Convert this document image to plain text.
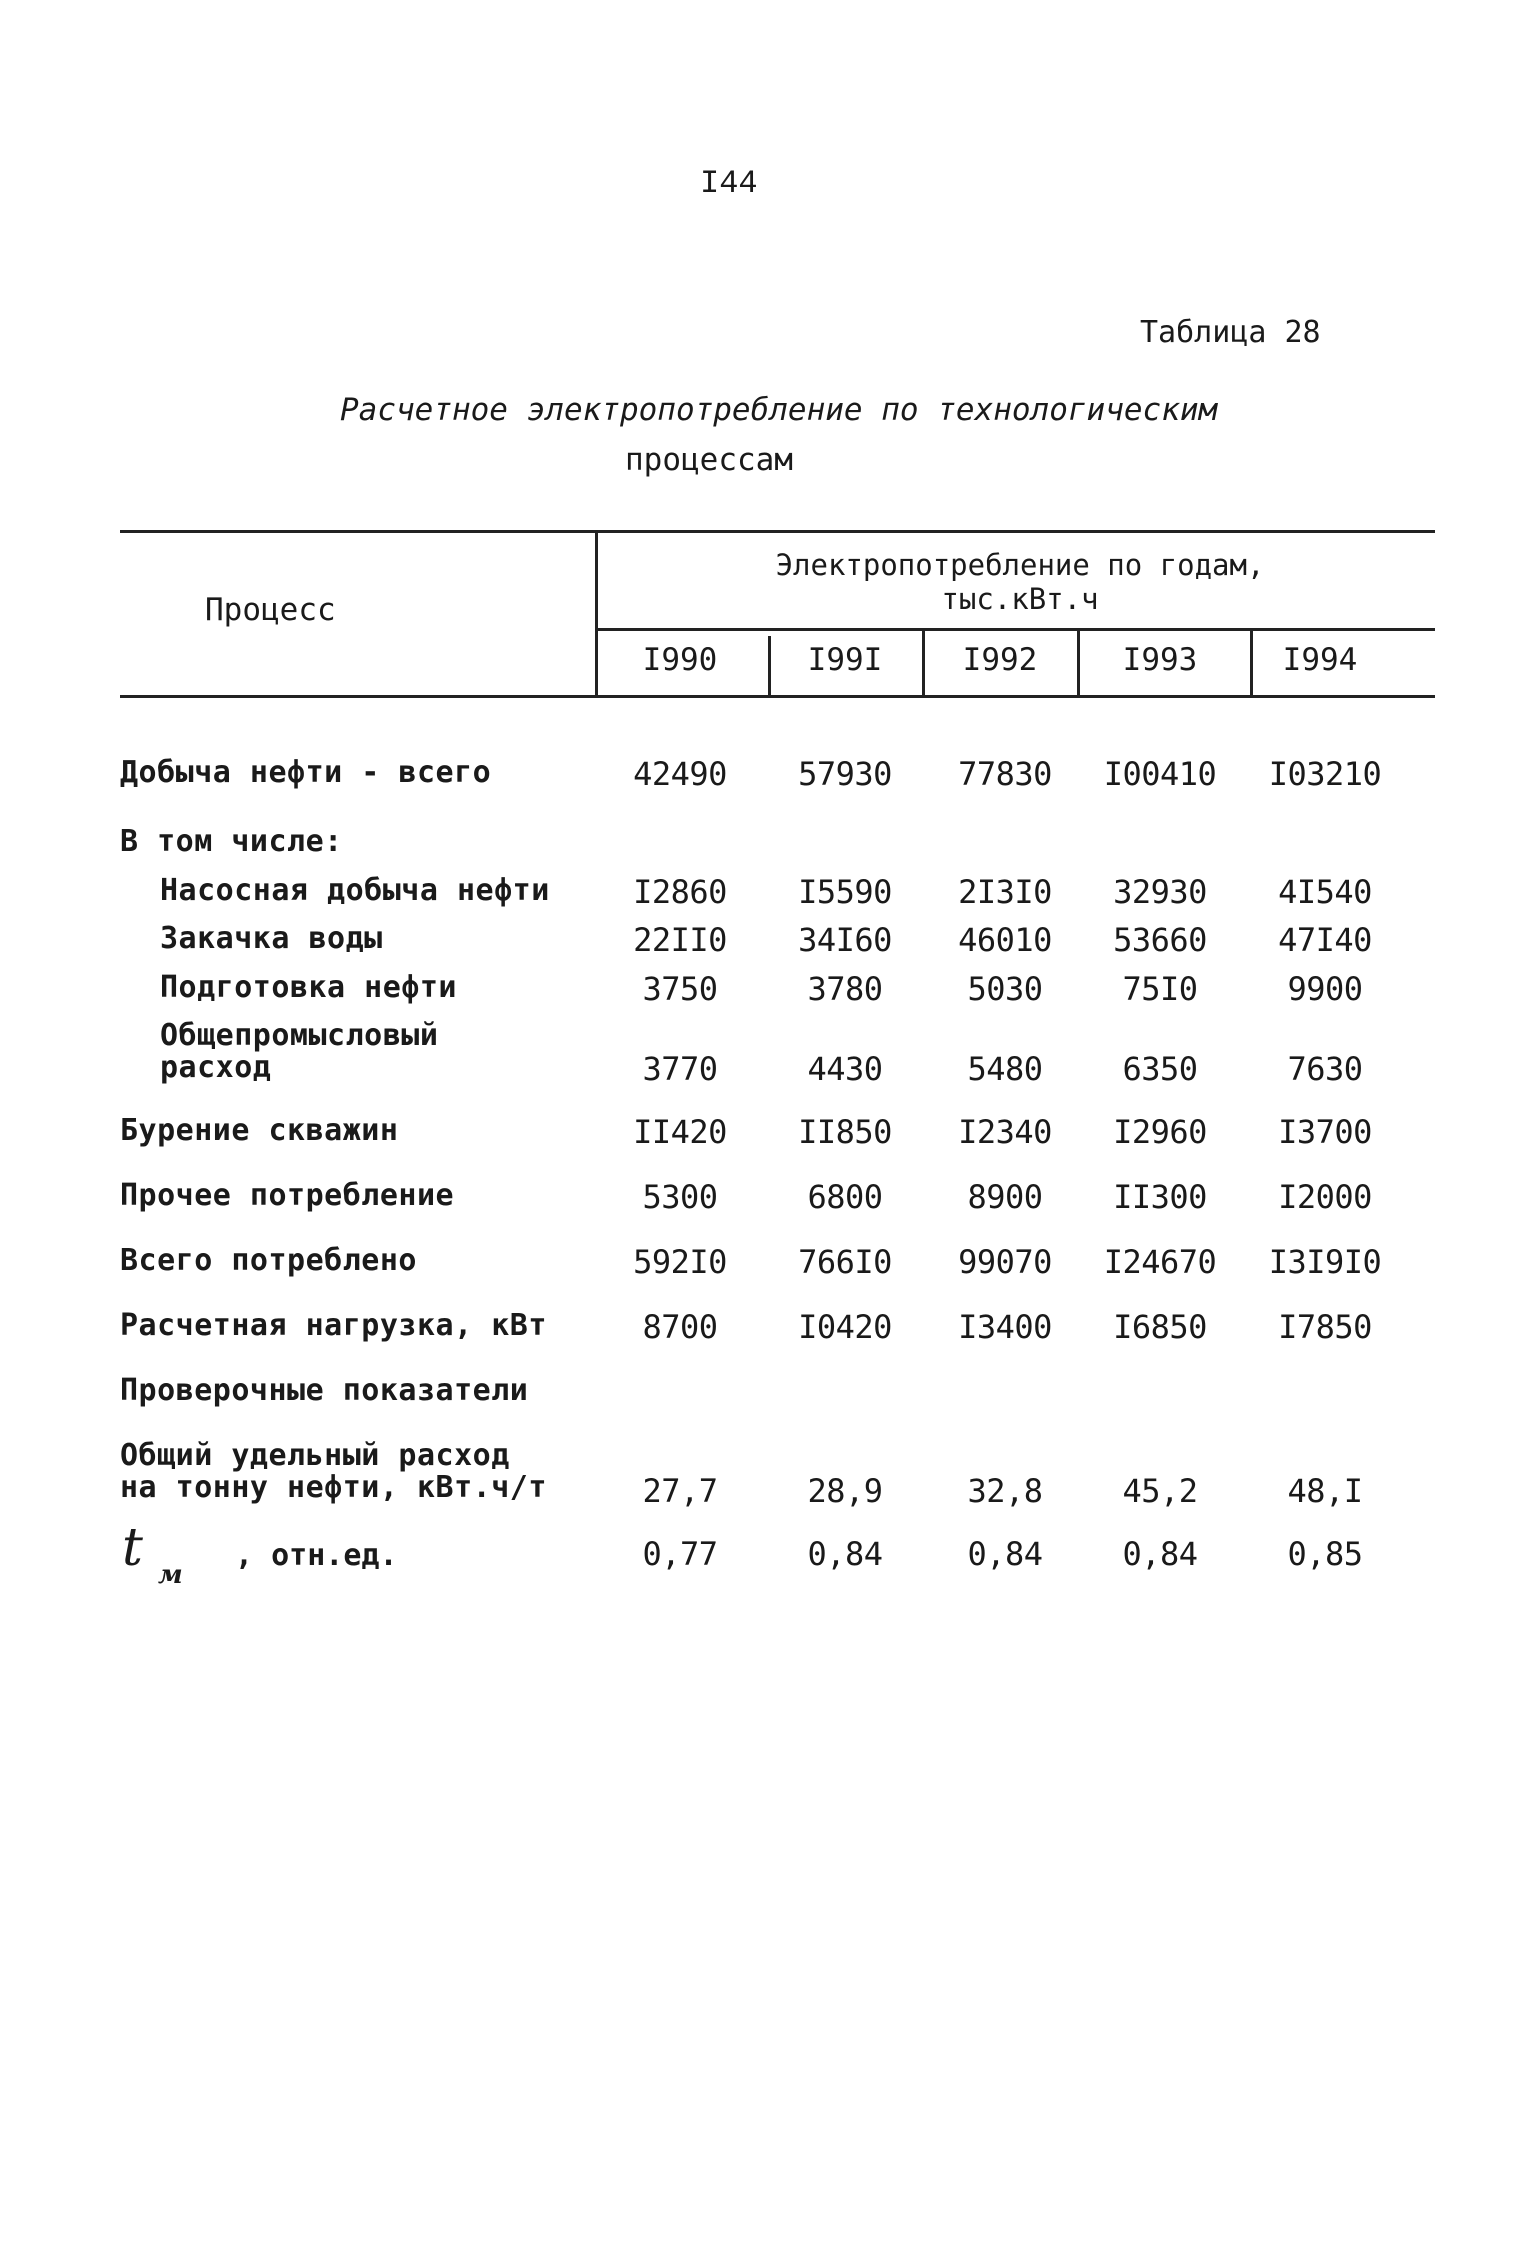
I44
Таблица 28
Расчетное электропотребление по технологическим
процессам
Процесс
Электропотребление по годам,
тыс.кВт.ч
I990	I99I	I992	I993	I994
Добыча нефти - всего	42490	57930	77830	I00410	I03210
В том числе:
Насосная добыча нефти	I2860	I5590	2I3I0	32930	4I540
Закачка воды	22II0	34I60	46010	53660	47I40
Подготовка нефти	3750	3780	5030	75I0	9900
Общепромысловый
расход	3770	4430	5480	6350	7630
Бурение скважин	II420	II850	I2340	I2960	I3700
Прочее потребление	5300	6800	8900	II300	I2000
Всего потреблено	592I0	766I0	99070	I24670	I3I9I0
Расчетная нагрузка, кВт	8700	I0420	I3400	I6850	I7850
Проверочные показатели
Общий удельный расход
на тонну нефти, кВт.ч/т	27,7	28,9	32,8	45,2	48,I
t м
, отн.ед.	0,77	0,84	0,84	0,84	0,85
